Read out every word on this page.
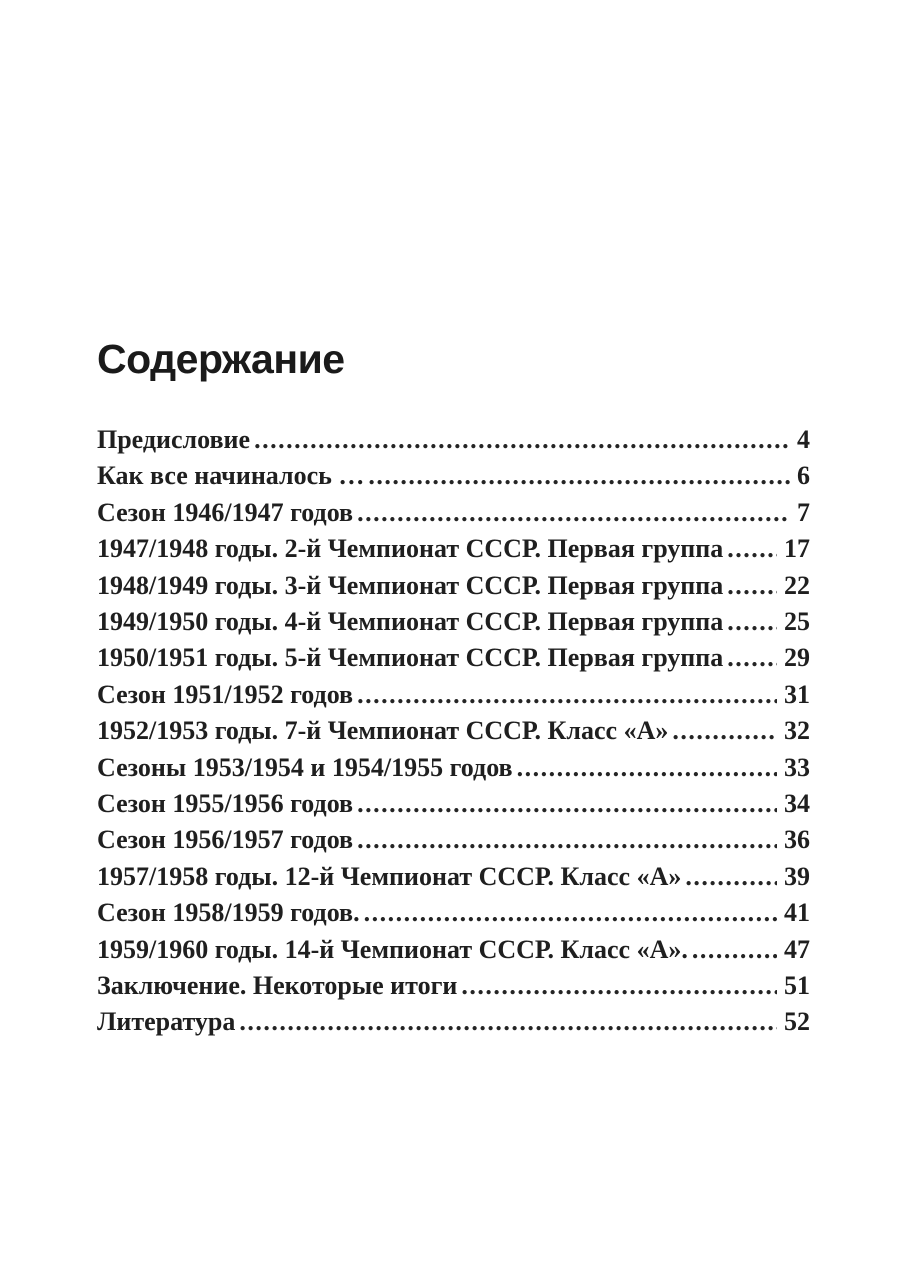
Содержание
Предисловие .....	4
Как все начиналось … .....	6
Сезон 1946/1947 годов .....	7
1947/1948 годы. 2-й Чемпионат СССР. Первая группа ..... 17
1948/1949 годы. 3-й Чемпионат СССР. Первая группа ..... 22
1949/1950 годы. 4-й Чемпионат СССР. Первая группа ..... 25
1950/1951 годы. 5-й Чемпионат СССР. Первая группа ..... 29
Сезон 1951/1952 годов .....	31
1952/1953 годы. 7-й Чемпионат СССР. Класс «А» .....	32
Сезоны 1953/1954 и 1954/1955 годов .....	33
Сезон 1955/1956 годов .....	34
Сезон 1956/1957 годов .....	36
1957/1958 годы. 12-й Чемпионат СССР. Класс «А» .....	39
Сезон 1958/1959 годов. .....	41
1959/1960 годы. 14-й Чемпионат СССР. Класс «А». .....	47
Заключение. Некоторые итоги .....	51
Литература .....	52
